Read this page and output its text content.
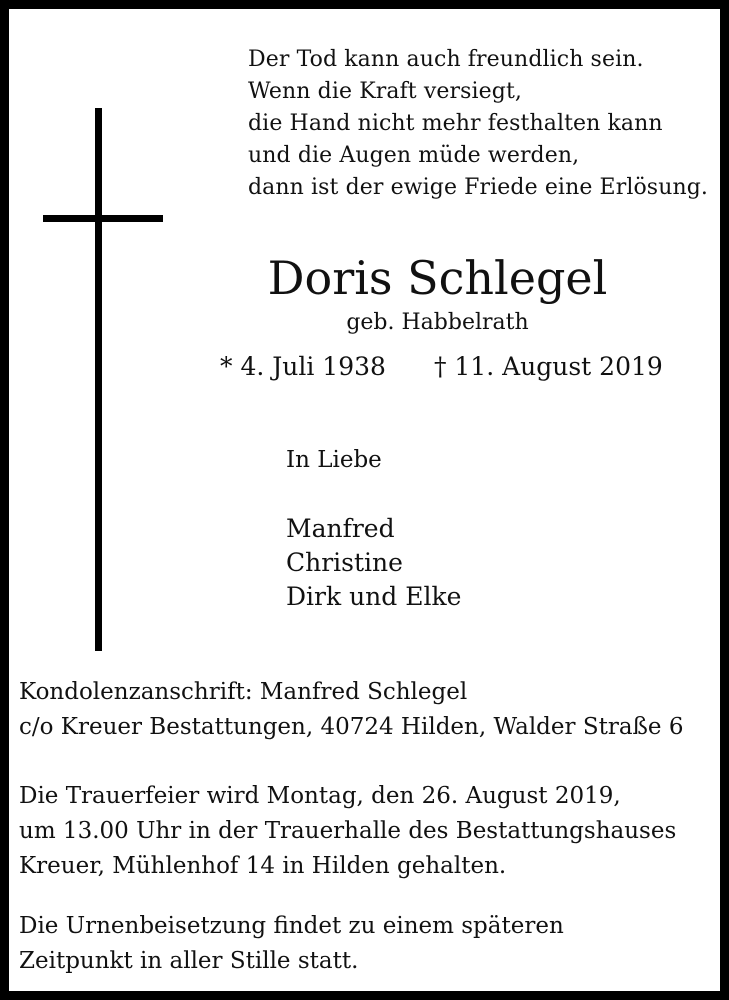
Der Tod kann auch freundlich sein.
Wenn die Kraft versiegt,
die Hand nicht mehr festhalten kann
und die Augen müde werden,
dann ist der ewige Friede eine Erlösung.
Doris Schlegel
geb. Habbelrath
* 4. Juli 1938 † 11. August 2019
In Liebe
Manfred
Christine
Dirk und Elke
Kondolenzanschrift: Manfred Schlegel
c/o Kreuer Bestattungen, 40724 Hilden, Walder Straße 6
Die Trauerfeier wird Montag, den 26. August 2019,
um 13.00 Uhr in der Trauerhalle des Bestattungshauses
Kreuer, Mühlenhof 14 in Hilden gehalten.
Die Urnenbeisetzung findet zu einem späteren
Zeitpunkt in aller Stille statt.
